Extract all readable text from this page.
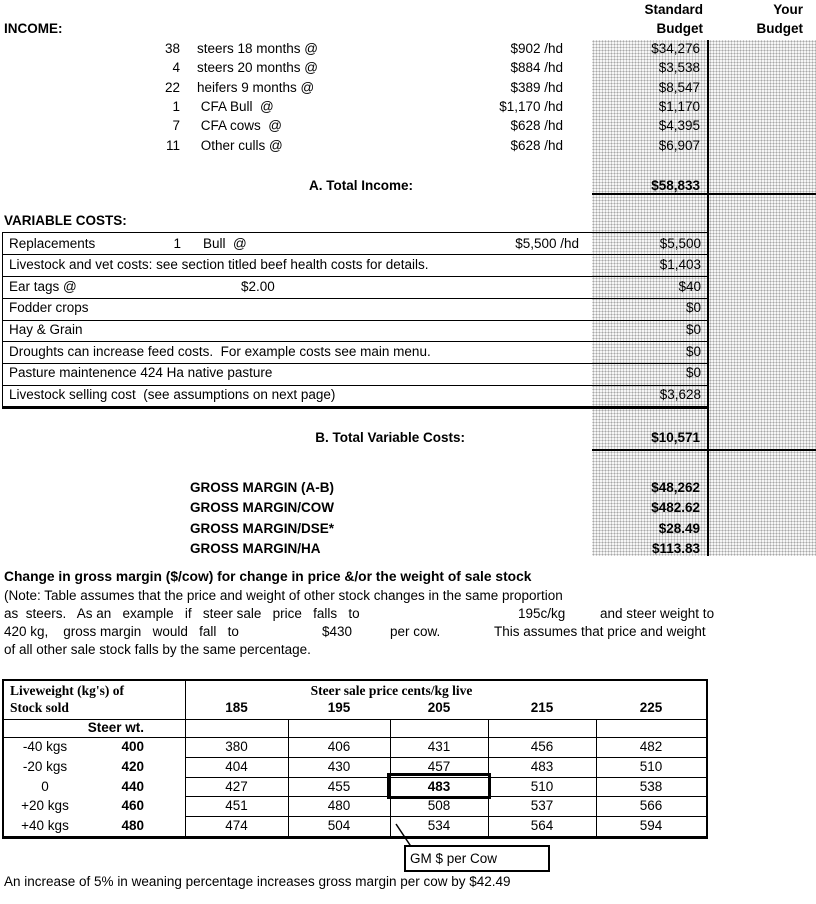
Standard
Budget
Your
Budget
INCOME:
38 steers 18 months @	$902 /hd	$34,276
4 steers 20 months @	$884 /hd	$3,538
22 heifers 9 months @	$389 /hd	$8,547
1 CFA Bull  @	$1,170 /hd	$1,170
7 CFA cows  @	$628 /hd	$4,395
11 Other culls @	$628 /hd	$6,907
A. Total Income:	$58,833
VARIABLE COSTS:
Replacements	1 Bull  @	$5,500 /hd	$5,500
Livestock and vet costs: see section titled beef health costs for details.	$1,403
Ear tags @	$2.00	$40
Fodder crops	$0
Hay & Grain	$0
Droughts can increase feed costs.  For example costs see main menu.	$0
Pasture maintenence 424 Ha native pasture	$0
Livestock selling cost  (see assumptions on next page)	$3,628
B. Total Variable Costs:	$10,571
GROSS MARGIN (A-B)	$48,262
GROSS MARGIN/COW	$482.62
GROSS MARGIN/DSE*	$28.49
GROSS MARGIN/HA	$113.83
Change in gross margin ($/cow) for change in price &/or the weight of sale stock
(Note: Table assumes that the price and weight of other stock changes in the same proportion
as  steers.   As an   example   if   steer sale   price   falls   to	195c/kg	and steer weight to
420 kg,    gross margin   would   fall   to	$430	per cow.	This assumes that price and weight
of all other sale stock falls by the same percentage.
Liveweight (kg's) of
Stock sold
Steer sale price cents/kg live
185	195	205	215	225
Steer wt.
-40 kgs	400	380	406	431	456	482
-20 kgs	420	404	430	457	483	510
0	440	427	455	483	510	538
+20 kgs	460	451	480	508	537	566
+40 kgs	480	474	504	534	564	594
GM $ per Cow
An increase of 5% in weaning percentage increases gross margin per cow by $42.49
